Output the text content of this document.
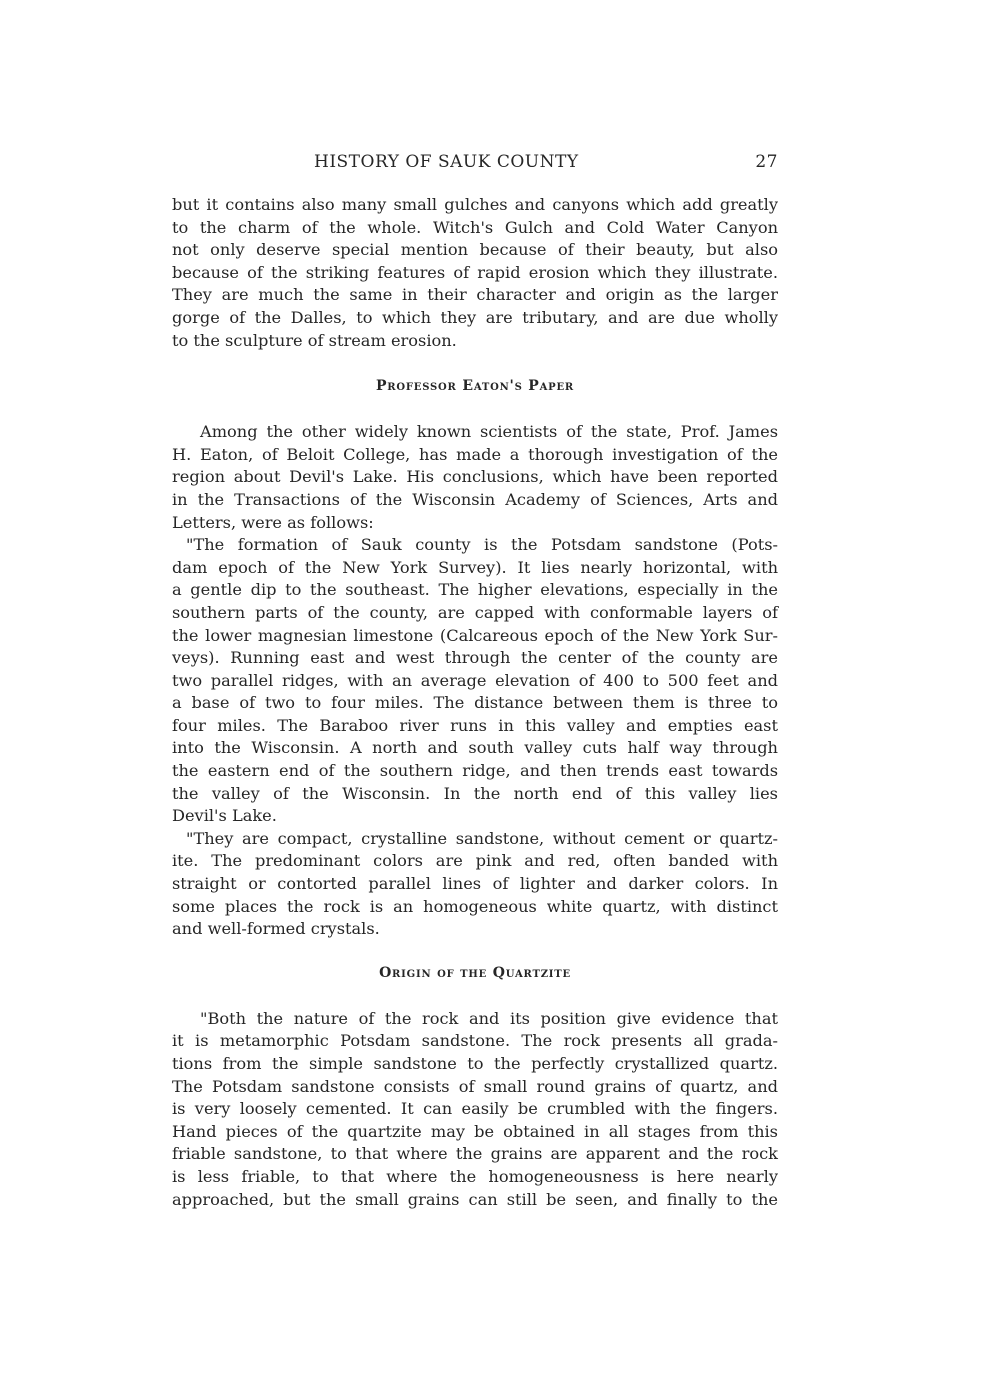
HISTORY OF SAUK COUNTY	27

but it contains also many small gulches and canyons which add greatly
to the charm of the whole. Witch's Gulch and Cold Water Canyon
not only deserve special mention because of their beauty, but also
because of the striking features of rapid erosion which they illustrate.
They are much the same in their character and origin as the larger
gorge of the Dalles, to which they are tributary, and are due wholly
to the sculpture of stream erosion.

Professor Eaton's Paper

Among the other widely known scientists of the state, Prof. James
H. Eaton, of Beloit College, has made a thorough investigation of the
region about Devil's Lake. His conclusions, which have been reported
in the Transactions of the Wisconsin Academy of Sciences, Arts and
Letters, were as follows:

"The formation of Sauk county is the Potsdam sandstone (Pots-
dam epoch of the New York Survey). It lies nearly horizontal, with
a gentle dip to the southeast. The higher elevations, especially in the
southern parts of the county, are capped with conformable layers of
the lower magnesian limestone (Calcareous epoch of the New York Sur-
veys). Running east and west through the center of the county are
two parallel ridges, with an average elevation of 400 to 500 feet and
a base of two to four miles. The distance between them is three to
four miles. The Baraboo river runs in this valley and empties east
into the Wisconsin. A north and south valley cuts half way through
the eastern end of the southern ridge, and then trends east towards
the valley of the Wisconsin. In the north end of this valley lies
Devil's Lake.

"They are compact, crystalline sandstone, without cement or quartz-
ite. The predominant colors are pink and red, often banded with
straight or contorted parallel lines of lighter and darker colors. In
some places the rock is an homogeneous white quartz, with distinct
and well-formed crystals.

Origin of the Quartzite

"Both the nature of the rock and its position give evidence that
it is metamorphic Potsdam sandstone. The rock presents all grada-
tions from the simple sandstone to the perfectly crystallized quartz.
The Potsdam sandstone consists of small round grains of quartz, and
is very loosely cemented. It can easily be crumbled with the fingers.
Hand pieces of the quartzite may be obtained in all stages from this
friable sandstone, to that where the grains are apparent and the rock
is less friable, to that where the homogeneousness is here nearly
approached, but the small grains can still be seen, and finally to the
